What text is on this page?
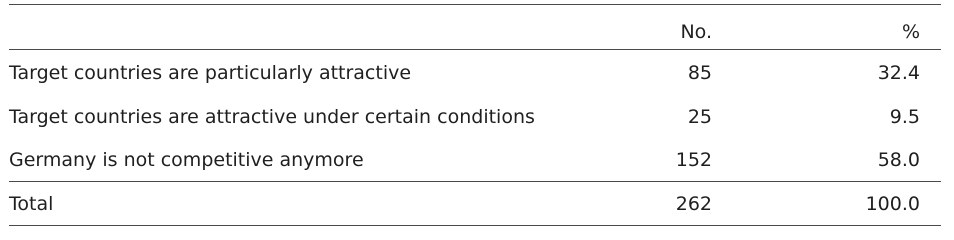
	No.	%
Target countries are particularly attractive	85	32.4
Target countries are attractive under certain conditions	25	9.5
Germany is not competitive anymore	152	58.0
Total	262	100.0
